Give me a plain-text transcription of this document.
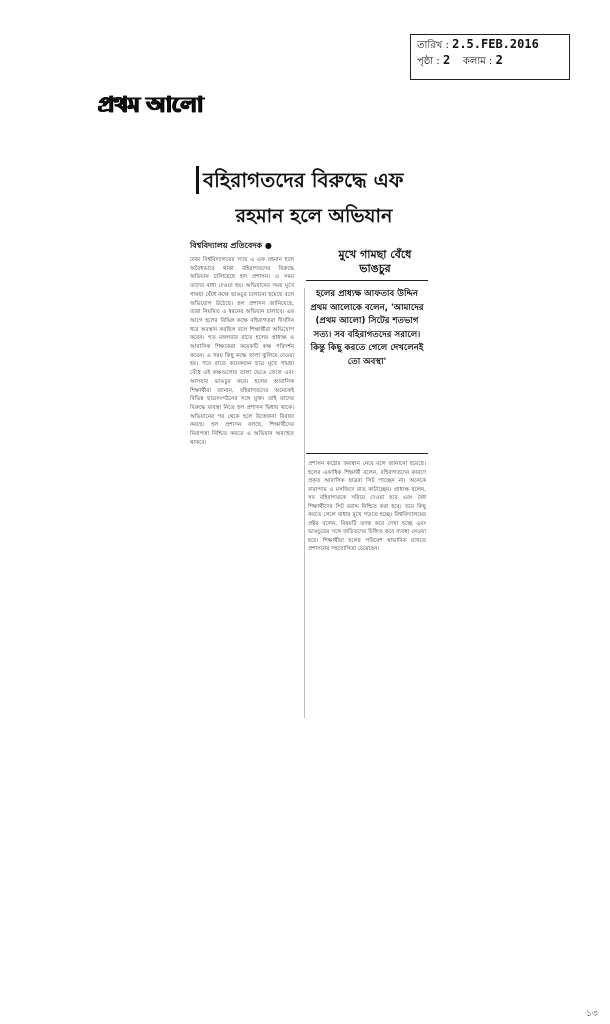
তারিখ : 2.5.FEB.2016
পৃষ্ঠা : 2 কলাম : 2
প্রথম আলো
বহিরাগতদের বিরুদ্ধে এফ
রহমান হলে অভিযান
বিশ্ববিদ্যালয় প্রতিবেদক ●
ঢাকা বিশ্ববিদ্যালয়ের স্যার এ এফ রহমান হলে অবৈধভাবে থাকা বহিরাগতদের বিরুদ্ধে অভিযান চালিয়েছে হল প্রশাসন। এ সময় তাদের বাধা দেওয়া হয়। অভিযানের সময় মুখে গামছা বেঁধে কক্ষে ভাঙচুর চালানো হয়েছে বলে অভিযোগ উঠেছে। হল প্রশাসন জানিয়েছে, তারা নিয়মিত এ ধরনের অভিযান চালাবে। এর আগে হলের বিভিন্ন কক্ষে বহিরাগতরা দীর্ঘদিন ধরে অবস্থান করছিল বলে শিক্ষার্থীরা অভিযোগ করেন। গত মঙ্গলবার রাতে হলের প্রাধ্যক্ষ ও আবাসিক শিক্ষকেরা কয়েকটি কক্ষ পরিদর্শন করেন। এ সময় কিছু কক্ষে তালা ঝুলিয়ে দেওয়া হয়। পরে রাতে কয়েকজন ছাত্র মুখে গামছা বেঁধে ওই কক্ষগুলোর তালা ভেঙে ফেলে এবং আসবাব ভাঙচুর করে। হলের আবাসিক শিক্ষার্থীরা জানান, বহিরাগতদের অনেকেই বিভিন্ন ছাত্রসংগঠনের সঙ্গে যুক্ত। তাই তাদের বিরুদ্ধে ব্যবস্থা নিতে হল প্রশাসন দ্বিধায় থাকে। অভিযানের পর থেকে হলে উত্তেজনা বিরাজ করছে। হল প্রশাসন বলছে, শিক্ষার্থীদের নিরাপত্তা নিশ্চিত করতে এ অভিযান অব্যাহত থাকবে।
মুখে গামছা বেঁধে ভাঙচুর
হলের প্রাধ্যক্ষ আফতাব উদ্দিন প্রথম আলোকে বলেন, 'আমাদের (প্রথম আলো) সিটের শতভাগ সত্য। সব বহিরাগতদের সরালে। কিন্তু কিছু করতে গেলে দেখলেনই তো অবস্থা'
প্রশাসন কঠোর অবস্থান নেবে বলে জানানো হয়েছে। হলের একাধিক শিক্ষার্থী বলেন, বহিরাগতদের কারণে প্রকৃত আবাসিক ছাত্ররা সিট পাচ্ছেন না। অনেকে বারান্দায় ও মসজিদে রাত কাটাচ্ছেন। প্রাধ্যক্ষ বলেন, সব বহিরাগতকে সরিয়ে দেওয়া হবে এবং বৈধ শিক্ষার্থীদের সিট বরাদ্দ নিশ্চিত করা হবে। তবে কিছু করতে গেলে বাধার মুখে পড়তে হচ্ছে। বিশ্ববিদ্যালয়ের প্রক্টর বলেন, বিষয়টি তদন্ত করে দেখা হচ্ছে এবং ভাঙচুরের সঙ্গে জড়িতদের চিহ্নিত করে ব্যবস্থা নেওয়া হবে। শিক্ষার্থীরা হলের পরিবেশ স্বাভাবিক রাখতে প্রশাসনের সহযোগিতা চেয়েছেন।
১৩
